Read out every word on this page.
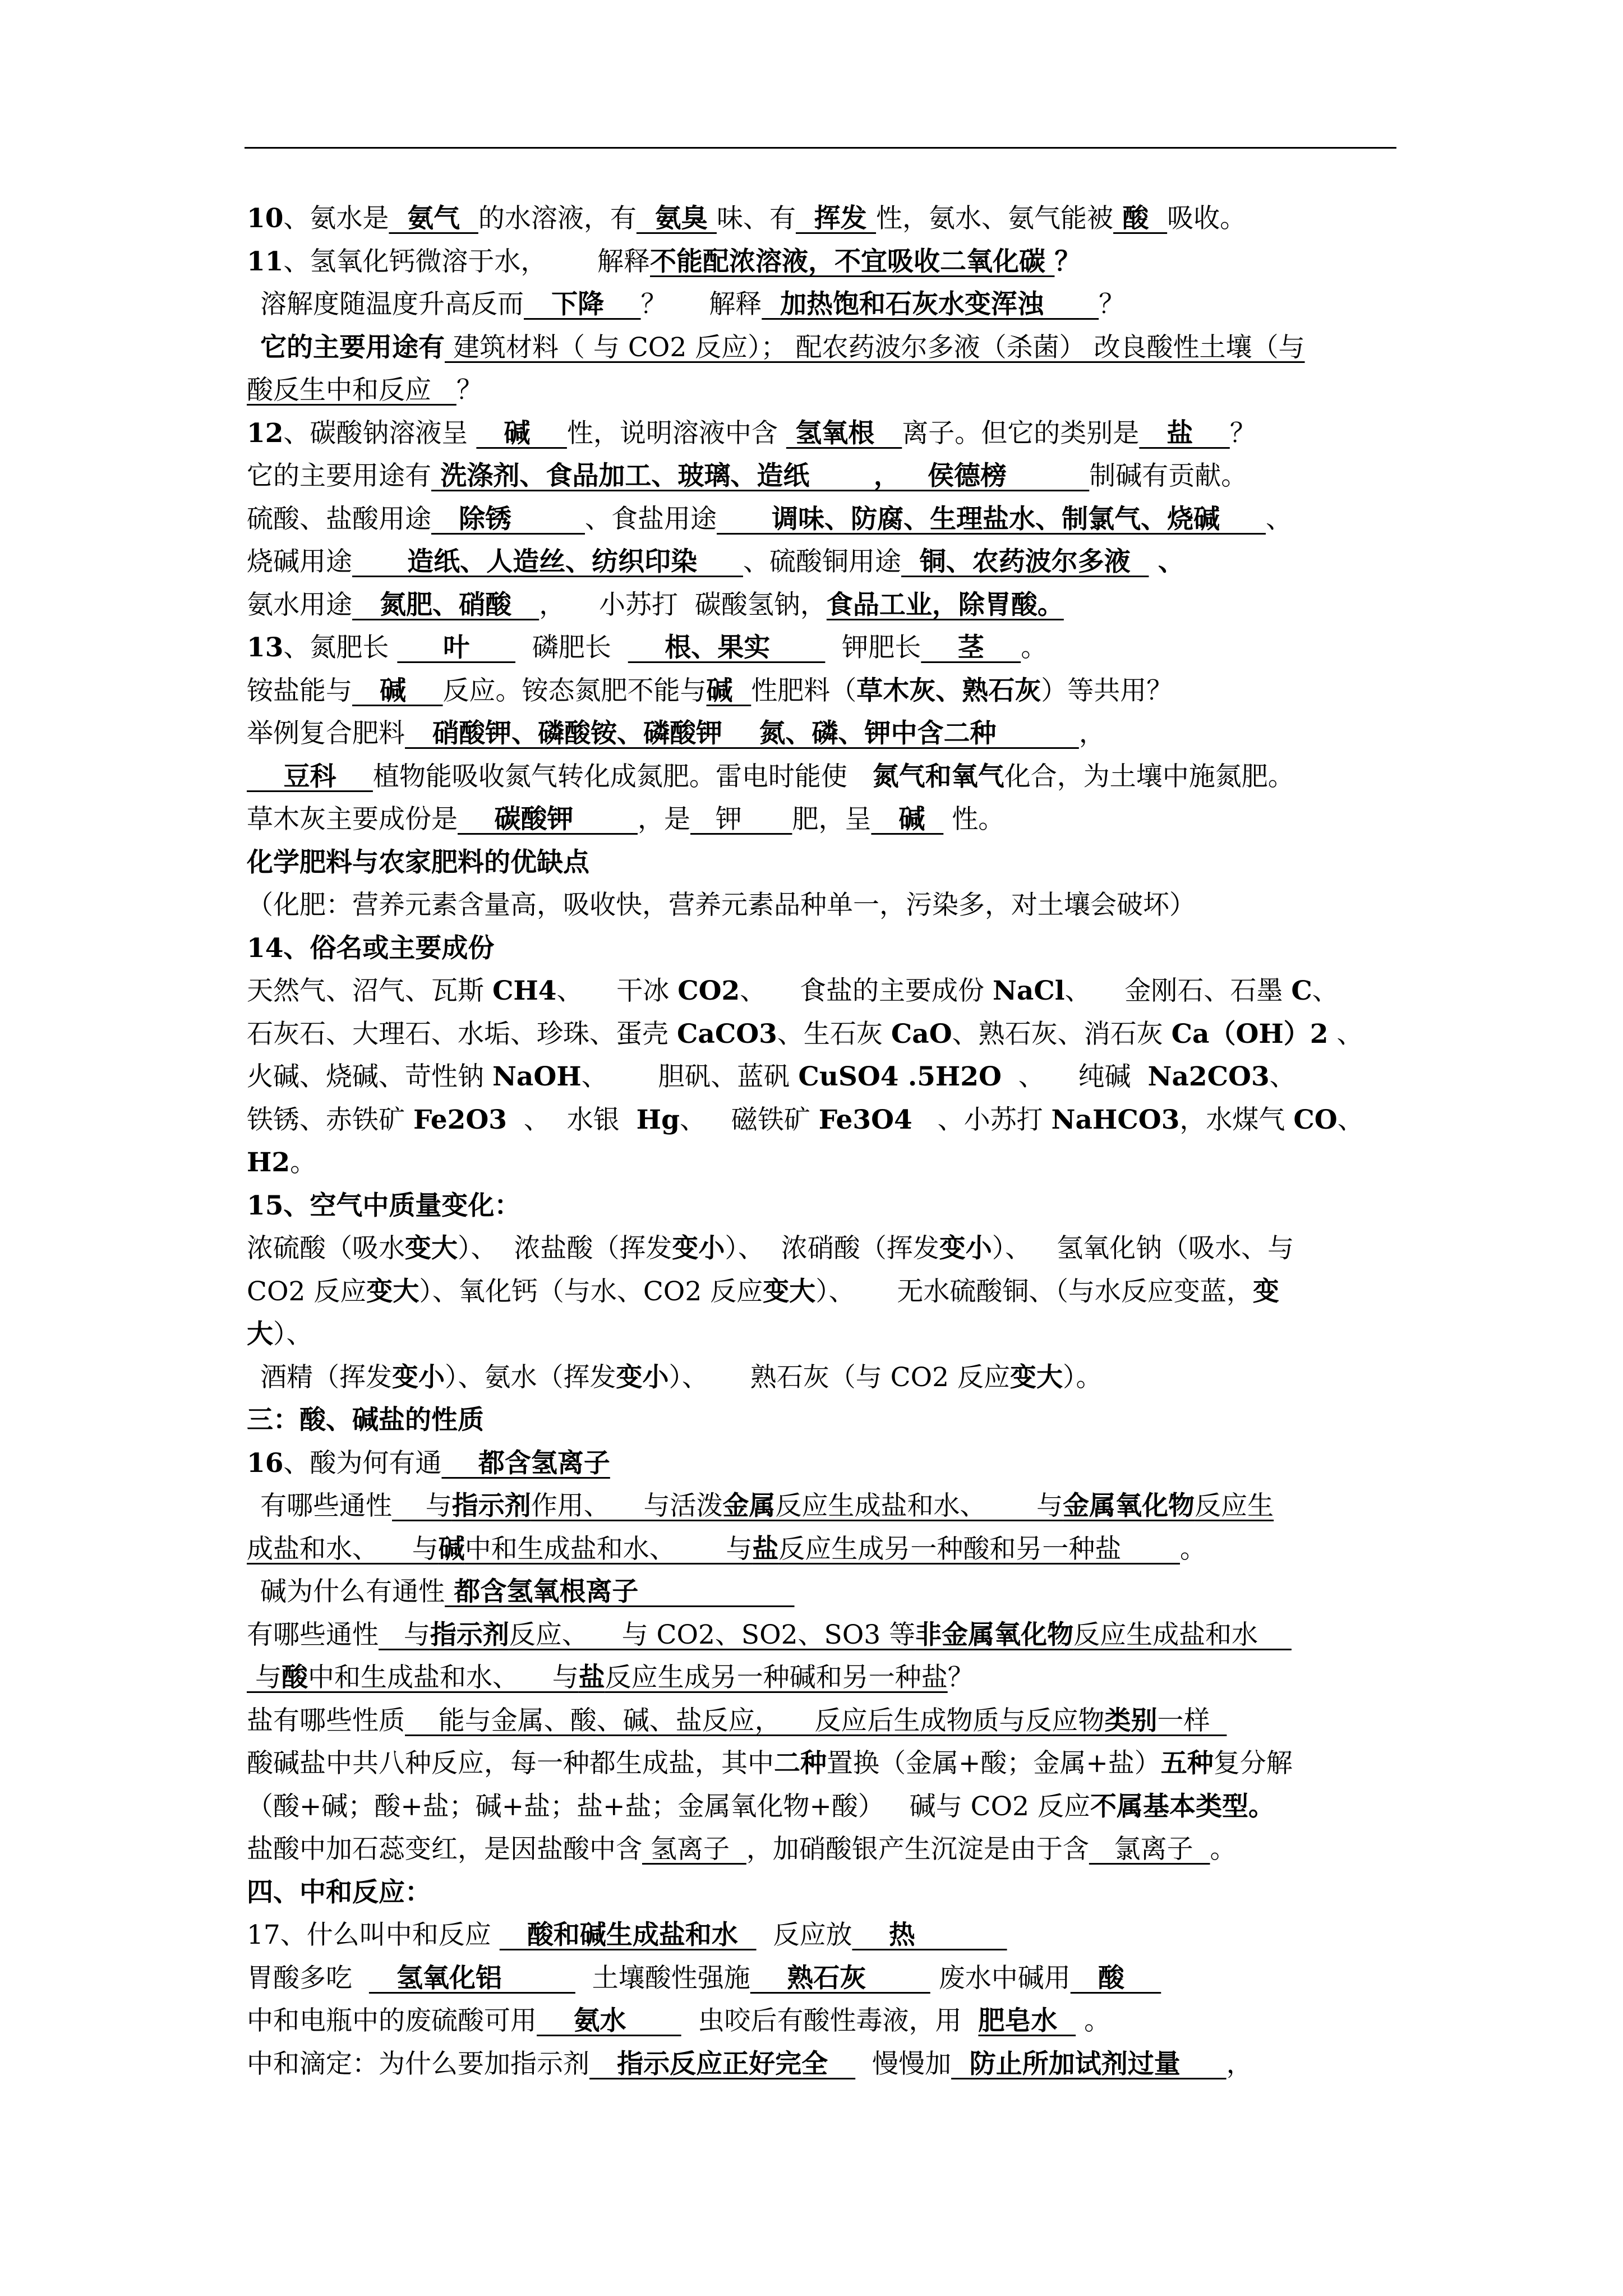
10、氨水是  氨气  的水溶液，有  氨臭 味、有  挥发 性，氨水、氨气能被 酸  吸收。
11、氢氧化钙微溶于水，      解释不能配浓溶液，不宜吸收二氧化碳 ？
溶解度随温度升高反而   下降    ？     解释  加热饱和石灰水变浑浊      ？
它的主要用途有 建筑材料（ 与 CO2 反应）； 配农药波尔多液（杀菌） 改良酸性土壤（与
酸反生中和反应   ？
12、碳酸钠溶液呈    碱    性，说明溶液中含  氢氧根   离子。但它的类别是   盐    ？
它的主要用途有 洗涤剂、食品加工、玻璃、造纸       ，   侯德榜         制碱有贡献。
硫酸、盐酸用途   除锈        、食盐用途      调味、防腐、生理盐水、制氯气、烧碱     、
烧碱用途      造纸、人造丝、纺织印染     、硫酸铜用途  铜、农药波尔多液   、
氨水用途   氮肥、硝酸   ，    小苏打  碳酸氢钠，食品工业，除胃酸。
13、氮肥长      叶       磷肥长      根、果实        钾肥长    茎    。
铵盐能与   碱    反应。铵态氮肥不能与碱  性肥料（草木灰、熟石灰）等共用？
举例复合肥料   硝酸钾、磷酸铵、磷酸钾    氮、磷、钾中含二种         ，
豆科    植物能吸收氮气转化成氮肥。雷电时能使   氮气和氧气化合，为土壤中施氮肥。
草木灰主要成份是    碳酸钾       ，是   钾      肥，呈   碱   性。
化学肥料与农家肥料的优缺点
（化肥：营养元素含量高，吸收快，营养元素品种单一，污染多，对土壤会破坏）
14、俗名或主要成份
天然气、沼气、瓦斯 CH4、    干冰 CO2、    食盐的主要成份 NaCl、    金刚石、石墨 C、
石灰石、大理石、水垢、珍珠、蛋壳 CaCO3、生石灰 CaO、熟石灰、消石灰 Ca（OH）2 、
火碱、烧碱、苛性钠 NaOH、      胆矾、蓝矾 CuSO4 .5H2O  、    纯碱  Na2CO3、
铁锈、赤铁矿 Fe2O3  、  水银  Hg、   磁铁矿 Fe3O4   、小苏打 NaHCO3，水煤气 CO、
H2。
15、空气中质量变化：
浓硫酸（吸水变大）、  浓盐酸（挥发变小）、  浓硝酸（挥发变小）、   氢氧化钠（吸水、与
CO2 反应变大）、氧化钙（与水、CO2 反应变大）、     无水硫酸铜、（与水反应变蓝，变
大）、
酒精（挥发变小）、氨水（挥发变小）、     熟石灰（与 CO2 反应变大）。
三：酸、碱盐的性质
16、酸为何有通    都含氢离子
有哪些通性    与指示剂作用、    与活泼金属反应生成盐和水、      与金属氧化物反应生
成盐和水、    与碱中和生成盐和水、      与盐反应生成另一种酸和另一种盐       。
碱为什么有通性 都含氢氧根离子
有哪些通性   与指示剂反应、    与 CO2、SO2、SO3 等非金属氧化物反应生成盐和水
与酸中和生成盐和水、    与盐反应生成另一种碱和另一种盐？
盐有哪些性质    能与金属、酸、碱、盐反应，    反应后生成物质与反应物类别一样
酸碱盐中共八种反应，每一种都生成盐，其中二种置换（金属+酸；金属+盐）五种复分解
（酸+碱；酸+盐；碱+盐；盐+盐；金属氧化物+酸）   碱与 CO2 反应不属基本类型。
盐酸中加石蕊变红，是因盐酸中含 氢离子  ，加硝酸银产生沉淀是由于含   氯离子  。
四、中和反应：
17、什么叫中和反应    酸和碱生成盐和水    反应放    热
胃酸多吃     氢氧化铝          土壤酸性强施    熟石灰        废水中碱用   酸
中和电瓶中的废硫酸可用    氨水        虫咬后有酸性毒液，用  肥皂水   。
中和滴定：为什么要加指示剂   指示反应正好完全     慢慢加  防止所加试剂过量     ，
